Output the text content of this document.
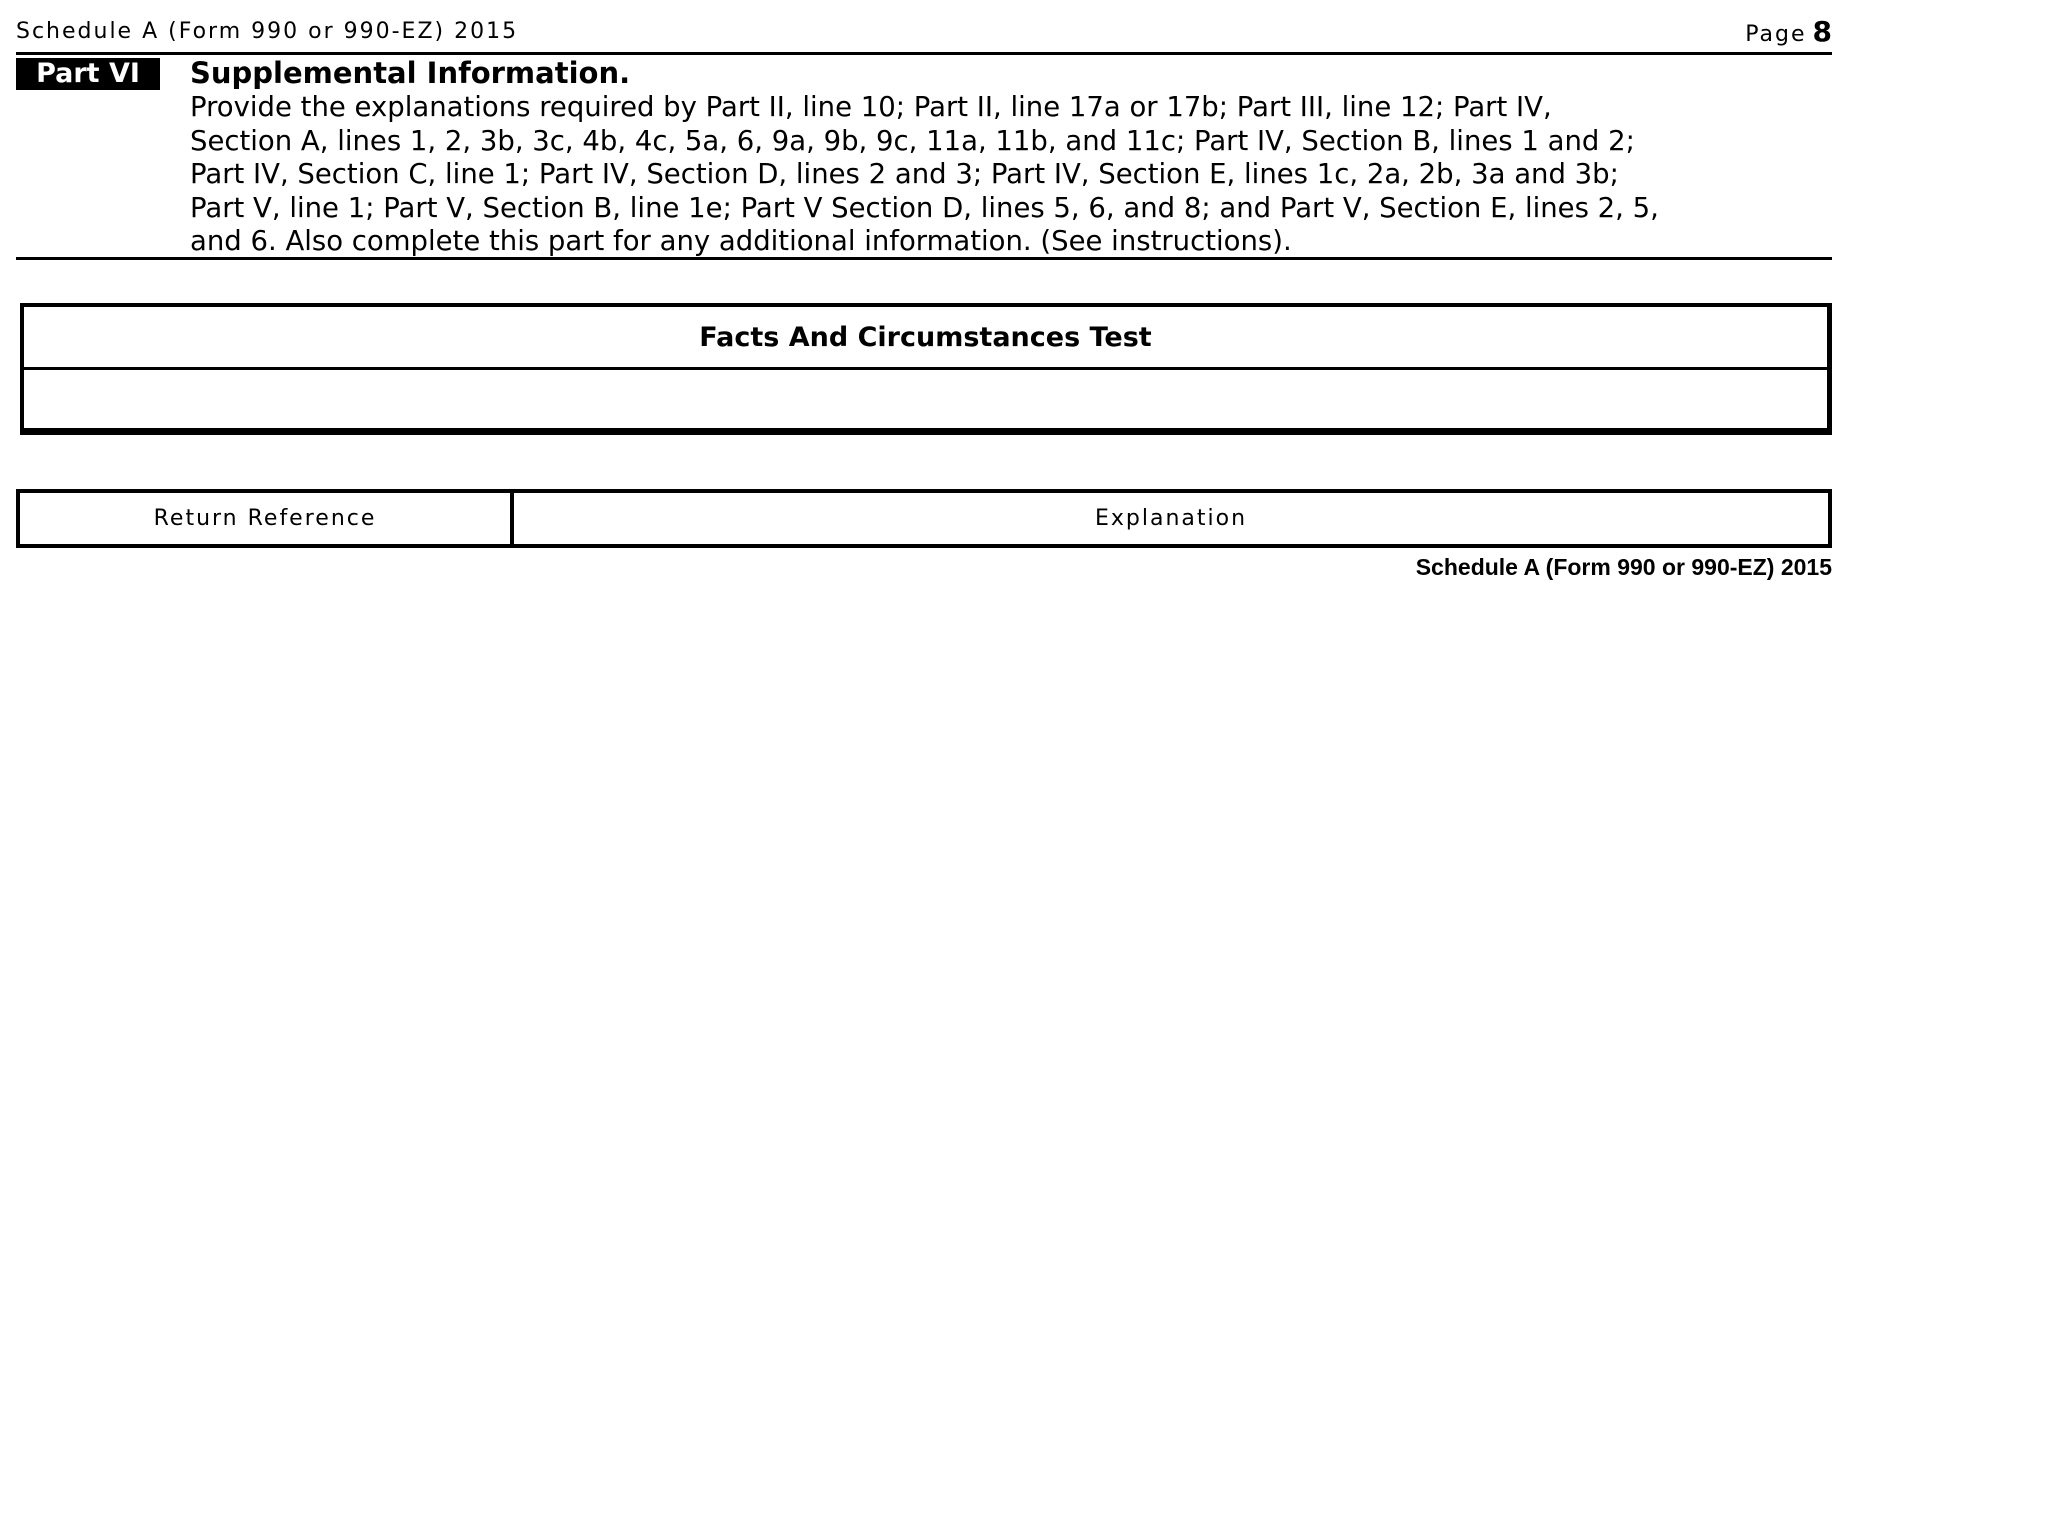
Schedule A (Form 990 or 990-EZ) 2015	Page 8
Part VI	Supplemental Information.

Provide the explanations required by Part II, line 10; Part II, line 17a or 17b; Part III, line 12; Part IV,
Section A, lines 1, 2, 3b, 3c, 4b, 4c, 5a, 6, 9a, 9b, 9c, 11a, 11b, and 11c; Part IV, Section B, lines 1 and 2;
Part IV, Section C, line 1; Part IV, Section D, lines 2 and 3; Part IV, Section E, lines 1c, 2a, 2b, 3a and 3b;
Part V, line 1; Part V, Section B, line 1e; Part V Section D, lines 5, 6, and 8; and Part V, Section E, lines 2, 5,
and 6. Also complete this part for any additional information. (See instructions).

Facts And Circumstances Test
Return Reference	Explanation
Schedule A (Form 990 or 990-EZ) 2015
